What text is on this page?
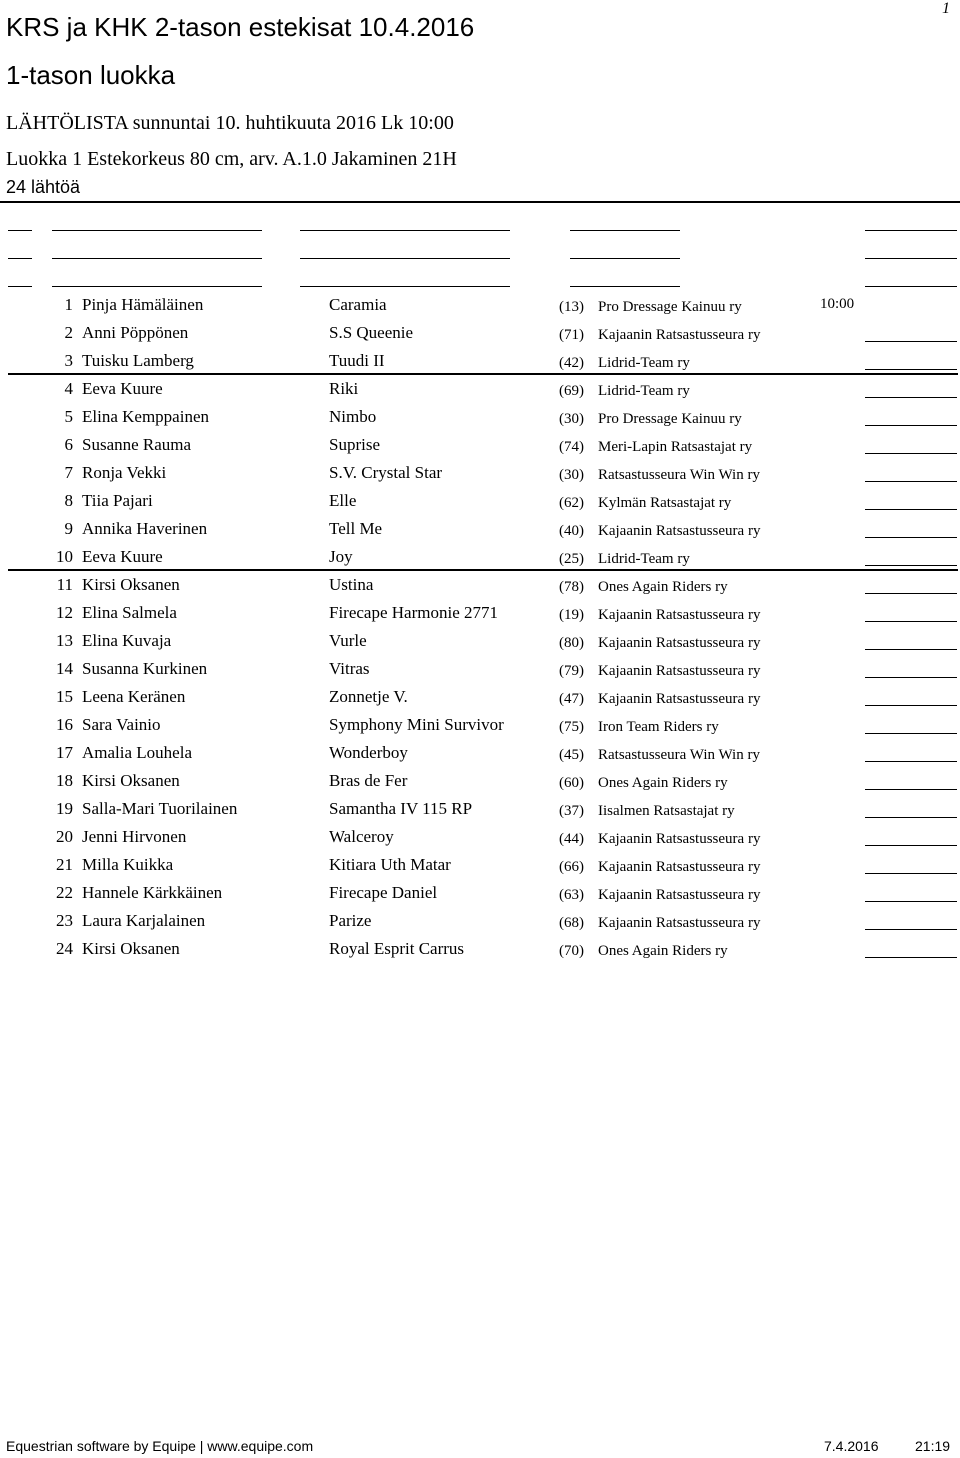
1
KRS ja KHK 2-tason estekisat 10.4.2016
1-tason luokka
LÄHTÖLISTA sunnuntai 10. huhtikuuta 2016 Lk 10:00
Luokka 1 Estekorkeus 80 cm, arv. A.1.0 Jakaminen 21H
24 lähtöä
1 Pinja Hämäläinen	Caramia	(13) Pro Dressage Kainuu ry	10:00
2 Anni Pöppönen	S.S Queenie	(71) Kajaanin Ratsastusseura ry
3 Tuisku Lamberg	Tuudi II	(42) Lidrid-Team ry
4 Eeva Kuure	Riki	(69) Lidrid-Team ry
5 Elina Kemppainen	Nimbo	(30) Pro Dressage Kainuu ry
6 Susanne Rauma	Suprise	(74) Meri-Lapin Ratsastajat ry
7 Ronja Vekki	S.V. Crystal Star	(30) Ratsastusseura Win Win ry
8 Tiia Pajari	Elle	(62) Kylmän Ratsastajat ry
9 Annika Haverinen	Tell Me	(40) Kajaanin Ratsastusseura ry
10 Eeva Kuure	Joy	(25) Lidrid-Team ry
11 Kirsi Oksanen	Ustina	(78) Ones Again Riders ry
12 Elina Salmela	Firecape Harmonie 2771	(19) Kajaanin Ratsastusseura ry
13 Elina Kuvaja	Vurle	(80) Kajaanin Ratsastusseura ry
14 Susanna Kurkinen	Vitras	(79) Kajaanin Ratsastusseura ry
15 Leena Keränen	Zonnetje V.	(47) Kajaanin Ratsastusseura ry
16 Sara Vainio	Symphony Mini Survivor	(75) Iron Team Riders ry
17 Amalia Louhela	Wonderboy	(45) Ratsastusseura Win Win ry
18 Kirsi Oksanen	Bras de Fer	(60) Ones Again Riders ry
19 Salla-Mari Tuorilainen	Samantha IV 115 RP	(37) Iisalmen Ratsastajat ry
20 Jenni Hirvonen	Walceroy	(44) Kajaanin Ratsastusseura ry
21 Milla Kuikka	Kitiara Uth Matar	(66) Kajaanin Ratsastusseura ry
22 Hannele Kärkkäinen	Firecape Daniel	(63) Kajaanin Ratsastusseura ry
23 Laura Karjalainen	Parize	(68) Kajaanin Ratsastusseura ry
24 Kirsi Oksanen	Royal Esprit Carrus	(70) Ones Again Riders ry
Equestrian software by Equipe | www.equipe.com	7.4.2016	21:19
